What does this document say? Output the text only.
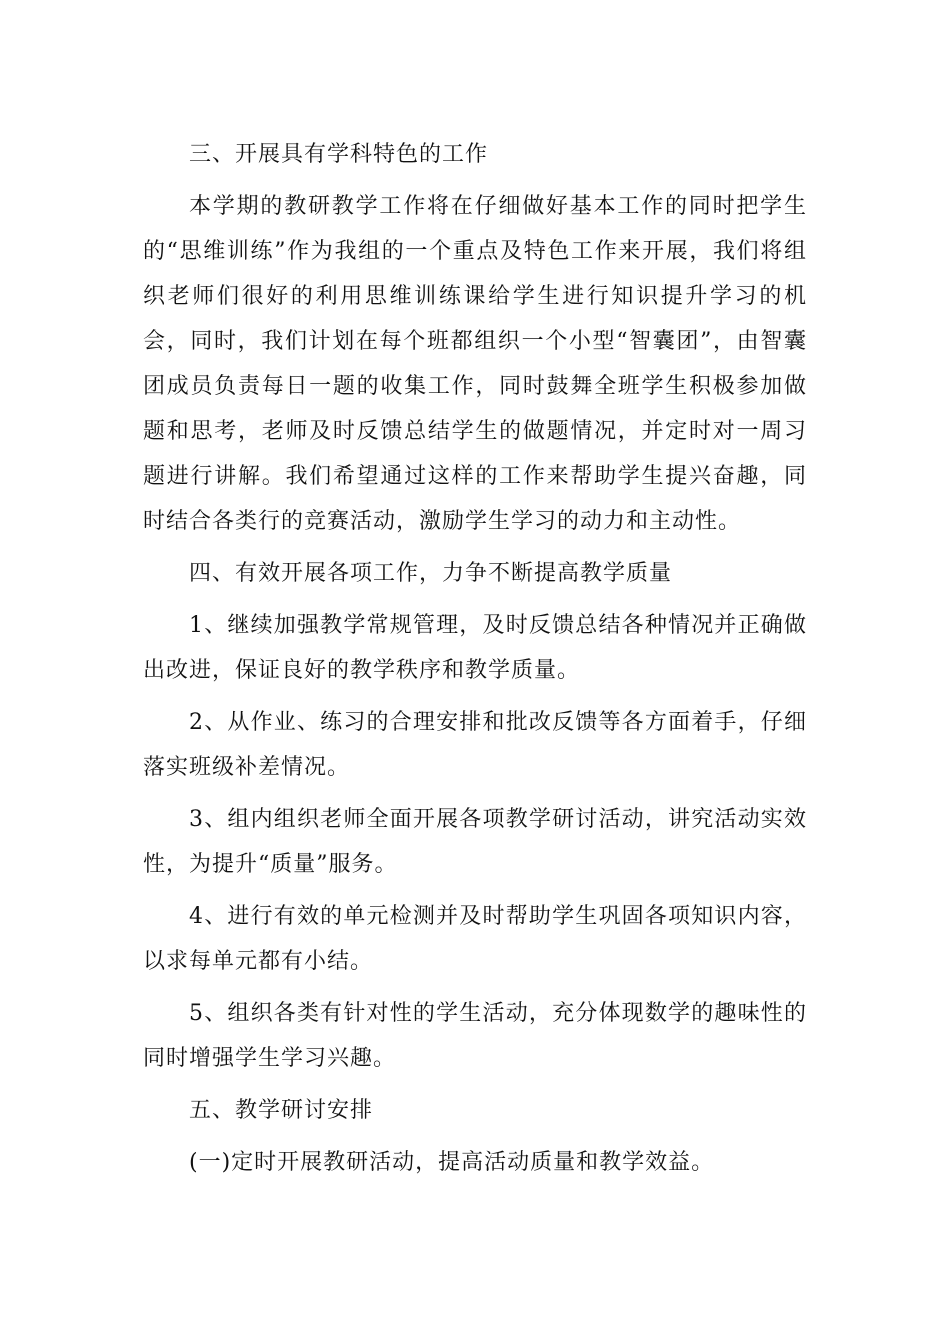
三、开展具有学科特色的工作

本学期的教研教学工作将在仔细做好基本工作的同时把学生的“思维训练”作为我组的一个重点及特色工作来开展，我们将组织老师们很好的利用思维训练课给学生进行知识提升学习的机会，同时，我们计划在每个班都组织一个小型“智囊团”，由智囊团成员负责每日一题的收集工作，同时鼓舞全班学生积极参加做题和思考，老师及时反馈总结学生的做题情况，并定时对一周习题进行讲解。我们希望通过这样的工作来帮助学生提兴奋趣，同时结合各类行的竞赛活动，激励学生学习的动力和主动性。

四、有效开展各项工作，力争不断提高教学质量

1、继续加强教学常规管理，及时反馈总结各种情况并正确做出改进，保证良好的教学秩序和教学质量。

2、从作业、练习的合理安排和批改反馈等各方面着手，仔细落实班级补差情况。

3、组内组织老师全面开展各项教学研讨活动，讲究活动实效性，为提升“质量”服务。

4、进行有效的单元检测并及时帮助学生巩固各项知识内容，以求每单元都有小结。

5、组织各类有针对性的学生活动，充分体现数学的趣味性的同时增强学生学习兴趣。

五、教学研讨安排

(一)定时开展教研活动，提高活动质量和教学效益。
